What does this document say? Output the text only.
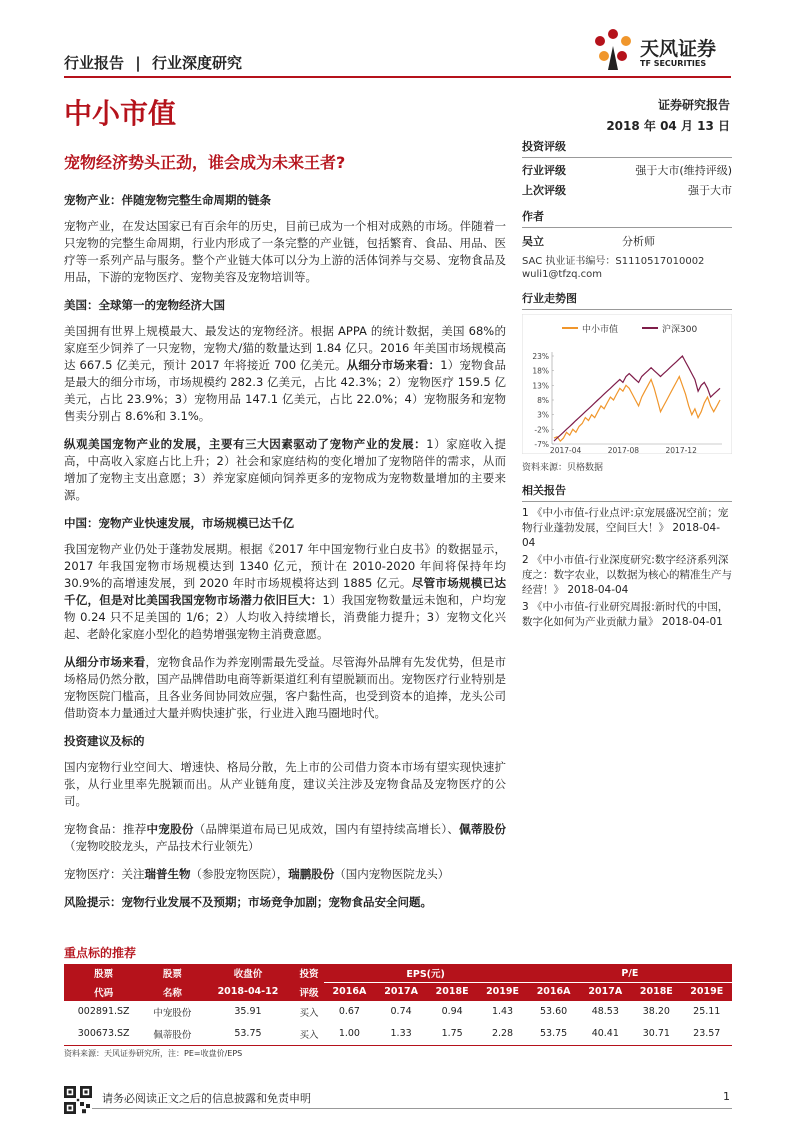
行业报告 | 行业深度研究
天风证券
TF SECURITIES
中小市值	证券研究报告
2018 年 04 月 13 日
宠物经济势头正劲，谁会成为未来王者?
宠物产业：伴随宠物完整生命周期的链条

宠物产业，在发达国家已有百余年的历史，目前已成为一个相对成熟的市场。伴随着一只宠物的完整生命周期，行业内形成了一条完整的产业链，包括繁育、食品、用品、医疗等一系列产品与服务。整个产业链大体可以分为上游的活体饲养与交易、宠物食品及用品，下游的宠物医疗、宠物美容及宠物培训等。

美国：全球第一的宠物经济大国

美国拥有世界上规模最大、最发达的宠物经济。根据 APPA 的统计数据，美国 68%的家庭至少饲养了一只宠物，宠物犬/猫的数量达到 1.84 亿只。2016 年美国市场规模高达 667.5 亿美元，预计 2017 年将接近 700 亿美元。从细分市场来看：1）宠物食品是最大的细分市场，市场规模约 282.3 亿美元，占比 42.3%；2）宠物医疗 159.5 亿美元，占比 23.9%；3）宠物用品 147.1 亿美元，占比 22.0%；4）宠物服务和宠物售卖分别占 8.6%和 3.1%。

纵观美国宠物产业的发展，主要有三大因素驱动了宠物产业的发展：1）家庭收入提高，中高收入家庭占比上升；2）社会和家庭结构的变化增加了宠物陪伴的需求，从而增加了宠物主支出意愿；3）养宠家庭倾向饲养更多的宠物成为宠物数量增加的主要来源。

中国：宠物产业快速发展，市场规模已达千亿

我国宠物产业仍处于蓬勃发展期。根据《2017 年中国宠物行业白皮书》的数据显示，2017 年我国宠物市场规模达到 1340 亿元，预计在 2010-2020 年间将保持年均 30.9%的高增速发展，到 2020 年时市场规模将达到 1885 亿元。尽管市场规模已达千亿，但是对比美国我国宠物市场潜力依旧巨大：1）我国宠物数量远未饱和，户均宠物 0.24 只不足美国的 1/6；2）人均收入持续增长，消费能力提升；3）宠物文化兴起、老龄化家庭小型化的趋势增强宠物主消费意愿。

从细分市场来看，宠物食品作为养宠刚需最先受益。尽管海外品牌有先发优势，但是市场格局仍然分散，国产品牌借助电商等新渠道红利有望脱颖而出。宠物医疗行业特别是宠物医院门槛高，且各业务间协同效应强，客户黏性高，也受到资本的追捧，龙头公司借助资本力量通过大量并购快速扩张，行业进入跑马圈地时代。

投资建议及标的

国内宠物行业空间大、增速快、格局分散，先上市的公司借力资本市场有望实现快速扩张，从行业里率先脱颖而出。从产业链角度，建议关注涉及宠物食品及宠物医疗的公司。

宠物食品：推荐中宠股份（品牌渠道布局已见成效，国内有望持续高增长）、佩蒂股份（宠物咬胶龙头，产品技术行业领先）

宠物医疗：关注瑞普生物（参股宠物医院），瑞鹏股份（国内宠物医院龙头）

风险提示：宠物行业发展不及预期；市场竞争加剧；宠物食品安全问题。

投资评级
行业评级	强于大市(维持评级)
上次评级	强于大市
作者
吴立	分析师
SAC 执业证书编号：S1110517010002
wuli1@tfzq.com
行业走势图
中小市值	沪深300
23%
18%
13%
8%
3%
-2%
-7%
2017-04	2017-08	2017-12
资料来源：贝格数据
相关报告
1 《中小市值-行业点评:京宠展盛况空前；宠物行业蓬勃发展，空间巨大！》 2018-04-04
2 《中小市值-行业深度研究:数字经济系列深度之：数字农业，以数据为核心的精准生产与经营！》 2018-04-04
3 《中小市值-行业研究周报:新时代的中国，数字化如何为产业贡献力量》 2018-04-01
重点标的推荐
股票	股票	收盘价	投资	EPS(元)				P/E			
代码	名称	2018-04-12	评级	2016A	2017A	2018E	2019E	2016A	2017A	2018E	2019E
002891.SZ	中宠股份	35.91	买入	0.67	0.74	0.94	1.43	53.60	48.53	38.20	25.11
300673.SZ	佩蒂股份	53.75	买入	1.00	1.33	1.75	2.28	53.75	40.41	30.71	23.57
资料来源：天风证券研究所，注：PE=收盘价/EPS
请务必阅读正文之后的信息披露和免责申明	1
